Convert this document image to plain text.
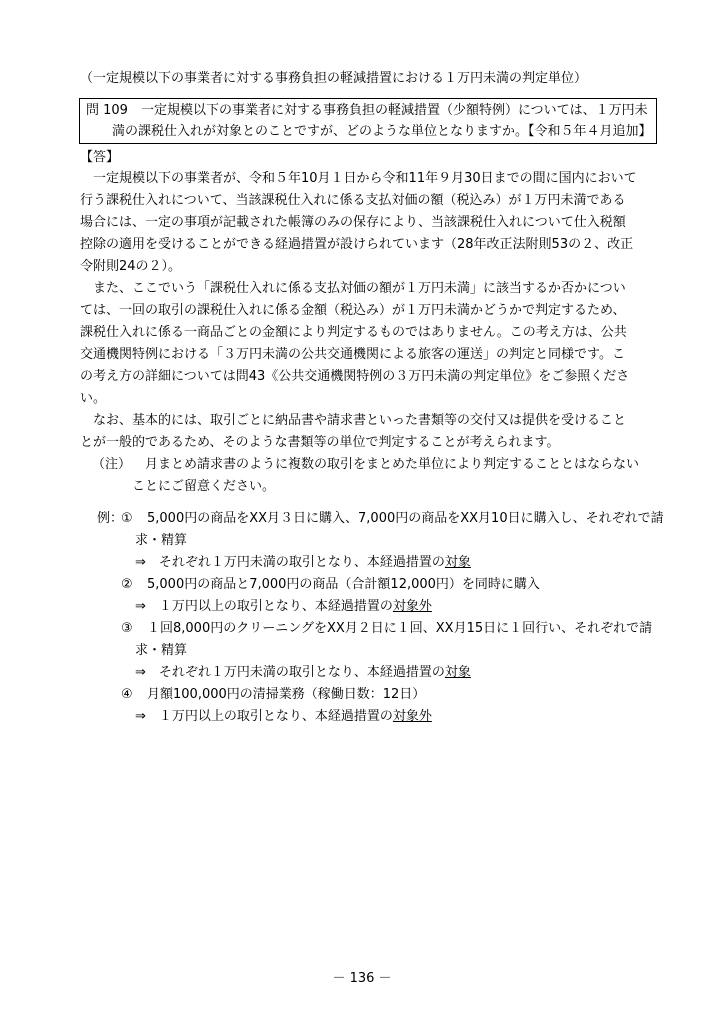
（一定規模以下の事業者に対する事務負担の軽減措置における１万円未満の判定単位）
問 109　一定規模以下の事業者に対する事務負担の軽減措置（少額特例）については、１万円未
満の課税仕入れが対象とのことですが、どのような単位となりますか。【令和５年４月追加】
【答】
　一定規模以下の事業者が、令和５年10月１日から令和11年９月30日までの間に国内において
行う課税仕入れについて、当該課税仕入れに係る支払対価の額（税込み）が１万円未満である
場合には、一定の事項が記載された帳簿のみの保存により、当該課税仕入れについて仕入税額
控除の適用を受けることができる経過措置が設けられています（28年改正法附則53の２、改正
令附則24の２）。
　また、ここでいう「課税仕入れに係る支払対価の額が１万円未満」に該当するか否かについ
ては、一回の取引の課税仕入れに係る金額（税込み）が１万円未満かどうかで判定するため、
課税仕入れに係る一商品ごとの金額により判定するものではありません。この考え方は、公共
交通機関特例における「３万円未満の公共交通機関による旅客の運送」の判定と同様です。こ
の考え方の詳細については問43《公共交通機関特例の３万円未満の判定単位》をご参照くださ
い。
　なお、基本的には、取引ごとに納品書や請求書といった書類等の交付又は提供を受けること
とが一般的であるため、そのような書類等の単位で判定することが考えられます。
（注） 月まとめ請求書のように複数の取引をまとめた単位により判定することとはならない
ことにご留意ください。
例：
① 5,000円の商品をXX月３日に購入、7,000円の商品をXX月10日に購入し、それぞれで請
求・精算
⇒　それぞれ１万円未満の取引となり、本経過措置の対象
② 5,000円の商品と7,000円の商品（合計額12,000円）を同時に購入
⇒　１万円以上の取引となり、本経過措置の対象外
③ １回8,000円のクリーニングをXX月２日に１回、XX月15日に１回行い、それぞれで請
求・精算
⇒　それぞれ１万円未満の取引となり、本経過措置の対象
④ 月額100,000円の清掃業務（稼働日数：12日）
⇒　１万円以上の取引となり、本経過措置の対象外
－ 136 －
